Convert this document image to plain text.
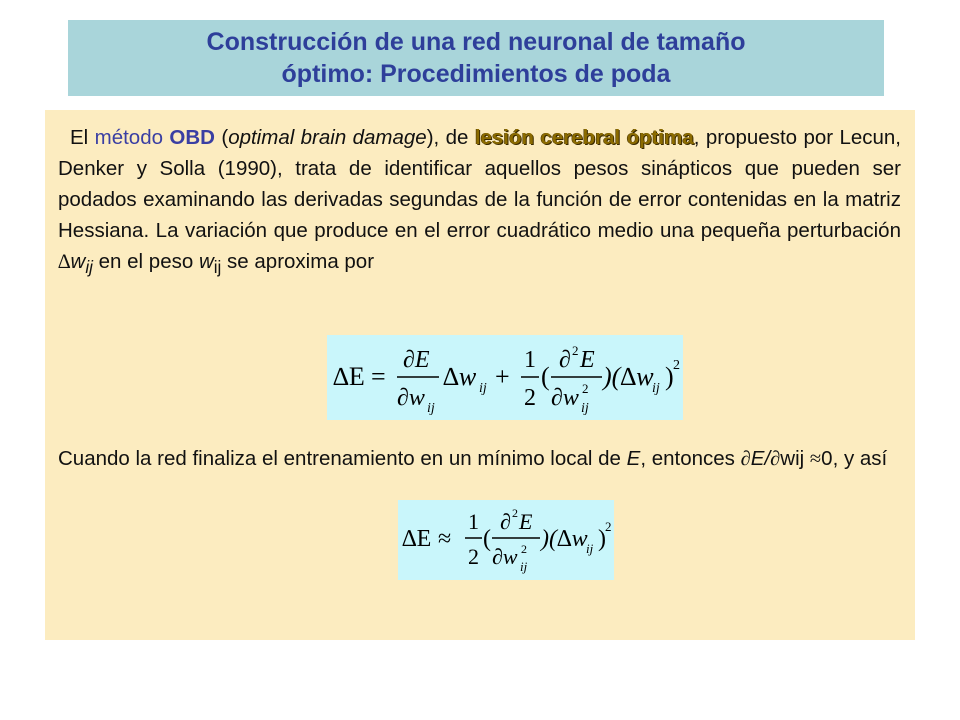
Construcción de una red neuronal de tamaño
óptimo: Procedimientos de poda

El método OBD (optimal brain damage), de lesión cerebral óptima, propuesto por Lecun, Denker y Solla (1990), trata de identificar aquellos pesos sinápticos que pueden ser podados examinando las derivadas segundas de la función de error contenidas en la matriz Hessiana. La variación que produce en el error cuadrático medio una pequeña perturbación $\Delta w_{ij}$ en el peso $w_{ij}$ se aproxima por

∆E =
∂E
∂w ij
∆w ij +
1
2
(
∂ 2 E
∂w 2
ij
)(∆w
ij ) 2

Cuando la red finaliza el entrenamiento en un mínimo local de E, entonces ∂E/∂wij ≈0, y así

∆E ≈
1
2
(
∂ 2 E
∂w 2
ij
)(∆w
ij ) 2
